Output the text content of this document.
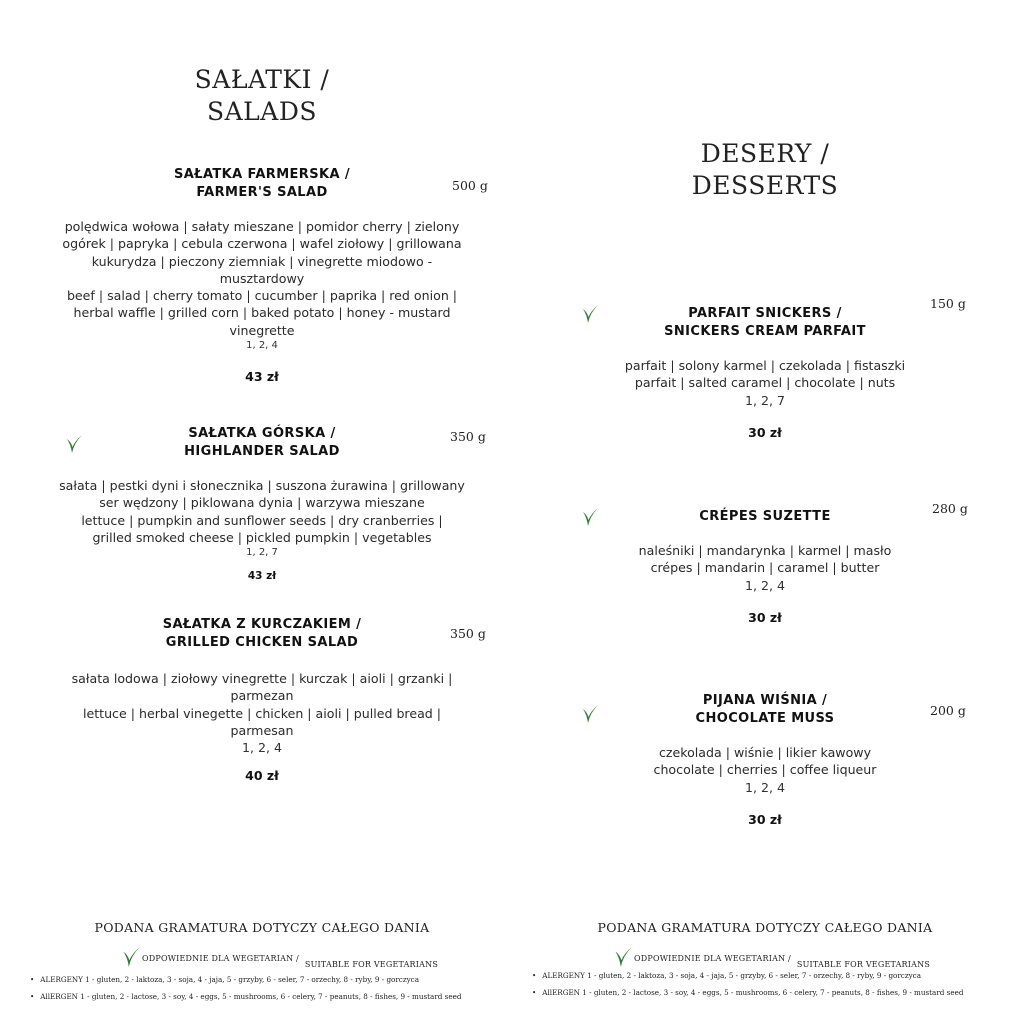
SAŁATKI /
SALADS
SAŁATKA FARMERSKA /
FARMER'S SALAD	500 g
polędwica wołowa | sałaty mieszane | pomidor cherry | zielony
ogórek | papryka | cebula czerwona | wafel ziołowy | grillowana
kukurydza | pieczony ziemniak | vinegrette miodowo -
musztardowy
beef | salad | cherry tomato | cucumber | paprika | red onion |
herbal waffle | grilled corn | baked potato | honey - mustard
vinegrette
1, 2, 4
43 zł
SAŁATKA GÓRSKA /
HIGHLANDER SALAD
350 g
sałata | pestki dyni i słonecznika | suszona żurawina | grillowany
ser wędzony | piklowana dynia | warzywa mieszane
lettuce | pumpkin and sunflower seeds | dry cranberries |
grilled smoked cheese | pickled pumpkin | vegetables
1, 2, 7
43 zł
SAŁATKA Z KURCZAKIEM /
GRILLED CHICKEN SALAD
350 g
sałata lodowa | ziołowy vinegrette | kurczak | aioli | grzanki |
parmezan
lettuce | herbal vinegette | chicken | aioli | pulled bread |
parmesan
1, 2, 4
40 zł
PODANA GRAMATURA DOTYCZY CAŁEGO DANIA
ODPOWIEDNIE DLA WEGETARIAN /
SUITABLE FOR VEGETARIANS
• ALERGENY 1 - gluten, 2 - laktoza, 3 - soja, 4 - jaja, 5 - grzyby, 6 - seler, 7 - orzechy, 8 - ryby, 9 - gorczyca
• AllERGEN 1 - gluten, 2 - lactose, 3 - soy, 4 - eggs, 5 - mushrooms, 6 - celery, 7 - peanuts, 8 - fishes, 9 - mustard seed
DESERY /
DESSERTS
PARFAIT SNICKERS /
SNICKERS CREAM PARFAIT
150 g
parfait | solony karmel | czekolada | fistaszki
parfait | salted caramel | chocolate | nuts
1, 2, 7
30 zł
CRÉPES SUZETTE
280 g
naleśniki | mandarynka | karmel | masło
crépes | mandarin | caramel | butter
1, 2, 4
30 zł
PIJANA WIŚNIA /
CHOCOLATE MUSS
200 g
czekolada | wiśnie | likier kawowy
chocolate | cherries | coffee liqueur
1, 2, 4
30 zł
PODANA GRAMATURA DOTYCZY CAŁEGO DANIA
ODPOWIEDNIE DLA WEGETARIAN /
SUITABLE FOR VEGETARIANS
• ALERGENY 1 - gluten, 2 - laktoza, 3 - soja, 4 - jaja, 5 - grzyby, 6 - seler, 7 - orzechy, 8 - ryby, 9 - gorczyca
• AllERGEN 1 - gluten, 2 - lactose, 3 - soy, 4 - eggs, 5 - mushrooms, 6 - celery, 7 - peanuts, 8 - fishes, 9 - mustard seed
